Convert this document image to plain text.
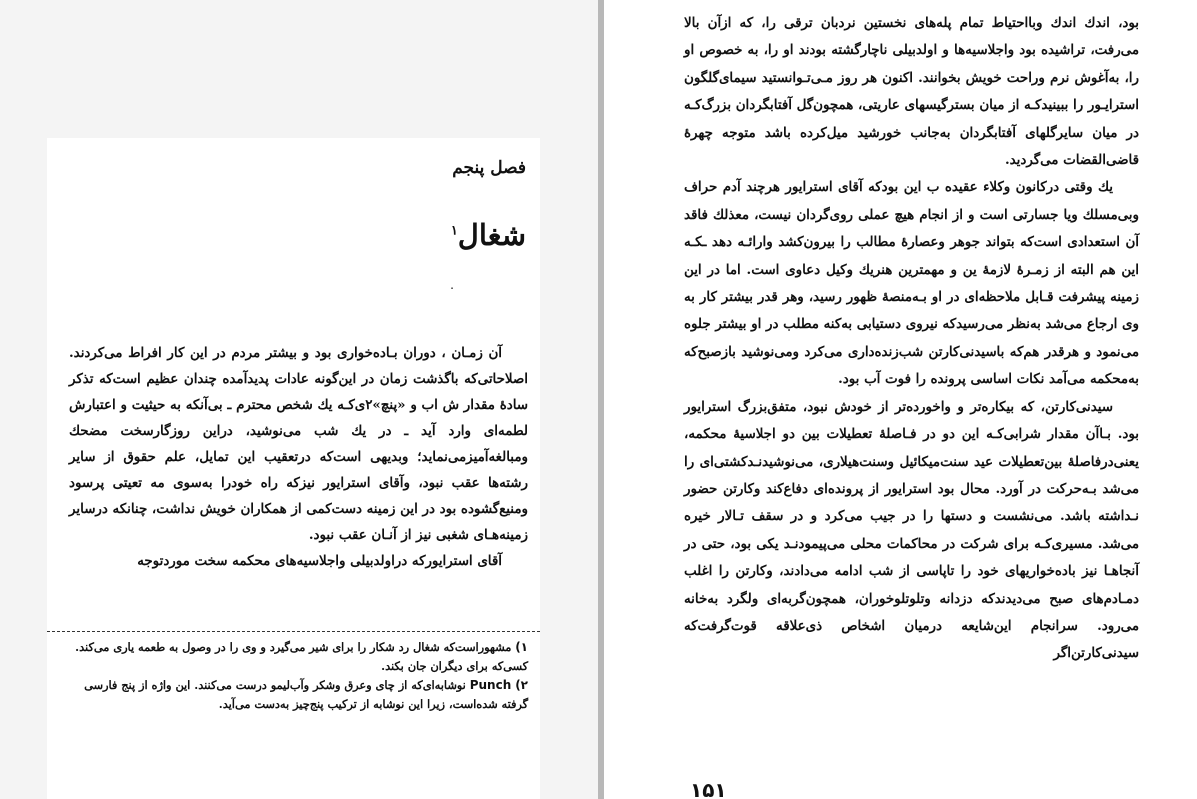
فصل پنجم
شغال$^۱$
.

آن زمـان ، دوران بـاده‌خواری بود و بیشتر مردم در این کار افراط می‌کردند. اصلاحاتی‌که باگذشت زمان در این‌گونه عادات پدید‌آمده چندان عظیم است‌که تذکر سادهٔ مقدار ش اب و «پنچ»۲ی‌کـه یك شخص محترم ـ بی‌آنکه به حیثیت و اعتبارش لطمه‌ای وارد آید ـ در یك شب می‌نوشید، دراین روزگارسخت مضحك ومبالغه‌آمیزمی‌نماید؛ وبدیهی است‌که درتعقیب این تمایل، علم حقوق از سایر رشته‌ها عقب نبود، وآقای استرایور نیزکه راه خودرا به‌سوی مه تعیتی پرسود ومنیع‌گشوده بود در این زمینه دست‌کمی از همکاران خویش نداشت، چنانکه درسایر زمینه‌هـای شغبی نیز از آنـان عقب نبود.

آقای استرایورکه دراولدبیلی واجلاسیه‌های محکمه سخت موردتوجه

۱) مشهوراست‌که شغال رد شکار را برای شیر می‌گیرد و وی را در وصول به طعمه یاری می‌کند. کسی‌که برای دیگران جان بکند.

۲) Punch نوشابه‌ای‌که از چای وعرق وشکر وآب‌لیمو درست می‌کنند. این واژه از پنج فارسی گرفته شده‌است، زیرا این نوشابه از ترکیب پنج‌چیز به‌دست می‌آید.

بود، اندك اندك وبااحتیاط تمام پله‌های نخستین نردبان ترقی را، که ازآن بالا می‌رفت، تراشیده بود واجلاسیه‌ها و اولدبیلی ناچارگشته بودند او را، به خصوص او را، به‌آغوش نرم وراحت خویش بخوانند. اکنون هر روز مـی‌تـوانستید سیمای‌گلگون استرایـور را ببینیدکـه از میان بسترگیسهای عاریتی، همچون‌گل آفتابگردان بزرگ‌کـه در میان سایرگلهای آفتابگردان به‌جانب خورشید میل‌کرده باشد متوجه چهرهٔ قاضی‌القضات می‌گردید.

یك وقتی درکانون وکلاء عقیده ب این بودکه آقای استرایور هرچند آدم حراف وبی‌مسلك ویا جسارتی است و از انجام هیچ عملی روی‌گردان نیست، معذلك فاقد آن استعدادی است‌که بتواند جوهر وعصارهٔ مطالب را بیرون‌کشد وارائـه دهد ـکـه این هم البته از زمـرهٔ لازمهٔ ین و مهمترین هنریك وکیل دعاوی است. اما در این زمینه پیشرفت قـابل ملاحظه‌ای در او بـه‌منصهٔ ظهور رسید، وهر قدر بیشتر کار به وی ارجاع می‌شد به‌نظر می‌رسیدکه نیروی دستیابی به‌کنه مطلب در او بیشتر جلوه می‌نمود و هرقدر هم‌که باسیدنی‌کارتن شب‌زنده‌داری می‌کرد ومی‌نوشید بازصبح‌که به‌محکمه می‌آمد نکات اساسی پرونده را فوت آب بود.

سیدنی‌کارتن، که بیکاره‌تر و واخورده‌تر از خودش نبود، متفق‌بزرگ استرایور بود. بـاآن مقدار شرابی‌کـه این دو در فـاصلهٔ تعطیلات بین دو اجلاسیهٔ محکمه، یعنی‌درفاصلهٔ بین‌تعطیلات عید سنت‌میکائیل وسنت‌هیلاری، می‌نوشیدنـدکشتی‌ای را می‌شد بـه‌حرکت در آورد. محال بود استرایور از پرونده‌ای دفاع‌کند وکارتن حضور نـداشته باشد. می‌نشست و دستها را در جیب می‌کرد و در سقف تـالار خیره می‌شد. مسیری‌کـه برای شرکت در محاکمات محلی می‌پیمودنـد یکی بود، حتی در آنجاهـا نیز باده‌خواریهای خود را تاپاسی از شب ادامه می‌دادند، وکارتن را اغلب دمـادم‌های صبح می‌دیدندکه دزدانه وتلوتلوخوران، همچون‌گربه‌ای ولگرد به‌خانه می‌رود. سرانجام این‌شایعه درمیان اشخاص ذی‌علاقه قوت‌گرفت‌که سیدنی‌کارتن‌اگر

۱۵۱
